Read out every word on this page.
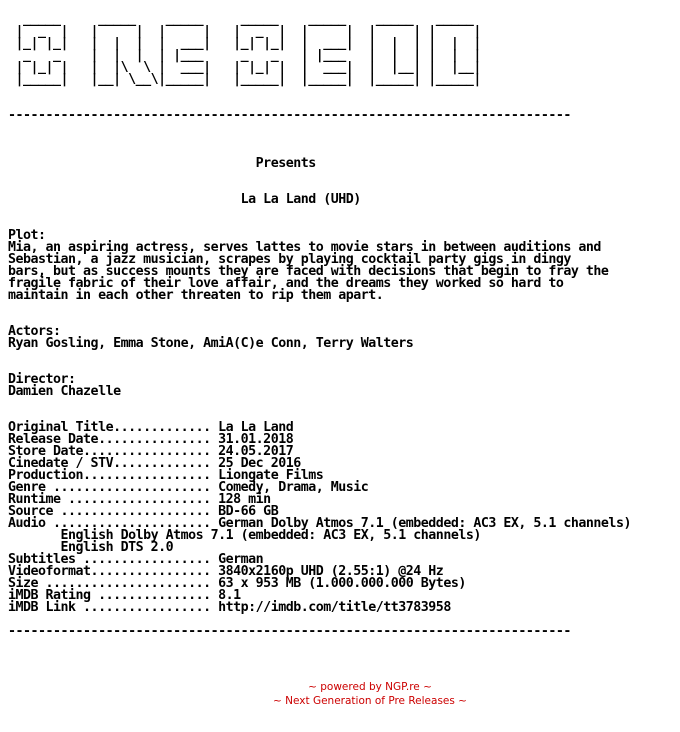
_____     _____    _____     _____    _____    _____   _____
|  _  |   |     |  |     |   |  _  |  |     |  |     | |     |
|_| |_|   |  |  |  |  ___|   |_| |_|  |  ___|  |  |  | |  |  |
_   _    |  |  |  | |___     _   _   | |___   |  |  | |  |  |
| |_| |   |  |\  \ |  ___|   | |_| |  |  ___|  |  |__| |  |__|
|_____|   |__| \__\|_____|   |_____|  |_____|  |_____| |_____|

---------------------------------------------------------------------------

Presents

La La Land (UHD)

Plot:
Mia, an aspiring actress, serves lattes to movie stars in between auditions and
Sebastian, a jazz musician, scrapes by playing cocktail party gigs in dingy
bars, but as success mounts they are faced with decisions that begin to fray the
fragile fabric of their love affair, and the dreams they worked so hard to
maintain in each other threaten to rip them apart.

Actors:
Ryan Gosling, Emma Stone, AmiA(C)e Conn, Terry Walters

Director:
Damien Chazelle

Original Title............. La La Land
Release Date............... 31.01.2018
Store Date................. 24.05.2017
Cinedate / STV............. 25 Dec 2016
Production................. Liongate Films
Genre ..................... Comedy, Drama, Music
Runtime ................... 128 min
Source .................... BD-66 GB
Audio ..................... German Dolby Atmos 7.1 (embedded: AC3 EX, 5.1 channels)
English Dolby Atmos 7.1 (embedded: AC3 EX, 5.1 channels)
English DTS 2.0
Subtitles ................. German
Videoformat................ 3840x2160p UHD (2.55:1) @24 Hz
Size ...................... 63 x 953 MB (1.000.000.000 Bytes)
iMDB Rating ............... 8.1
iMDB Link ................. http://imdb.com/title/tt3783958

---------------------------------------------------------------------------
~ powered by NGP.re ~
~ Next Generation of Pre Releases ~
